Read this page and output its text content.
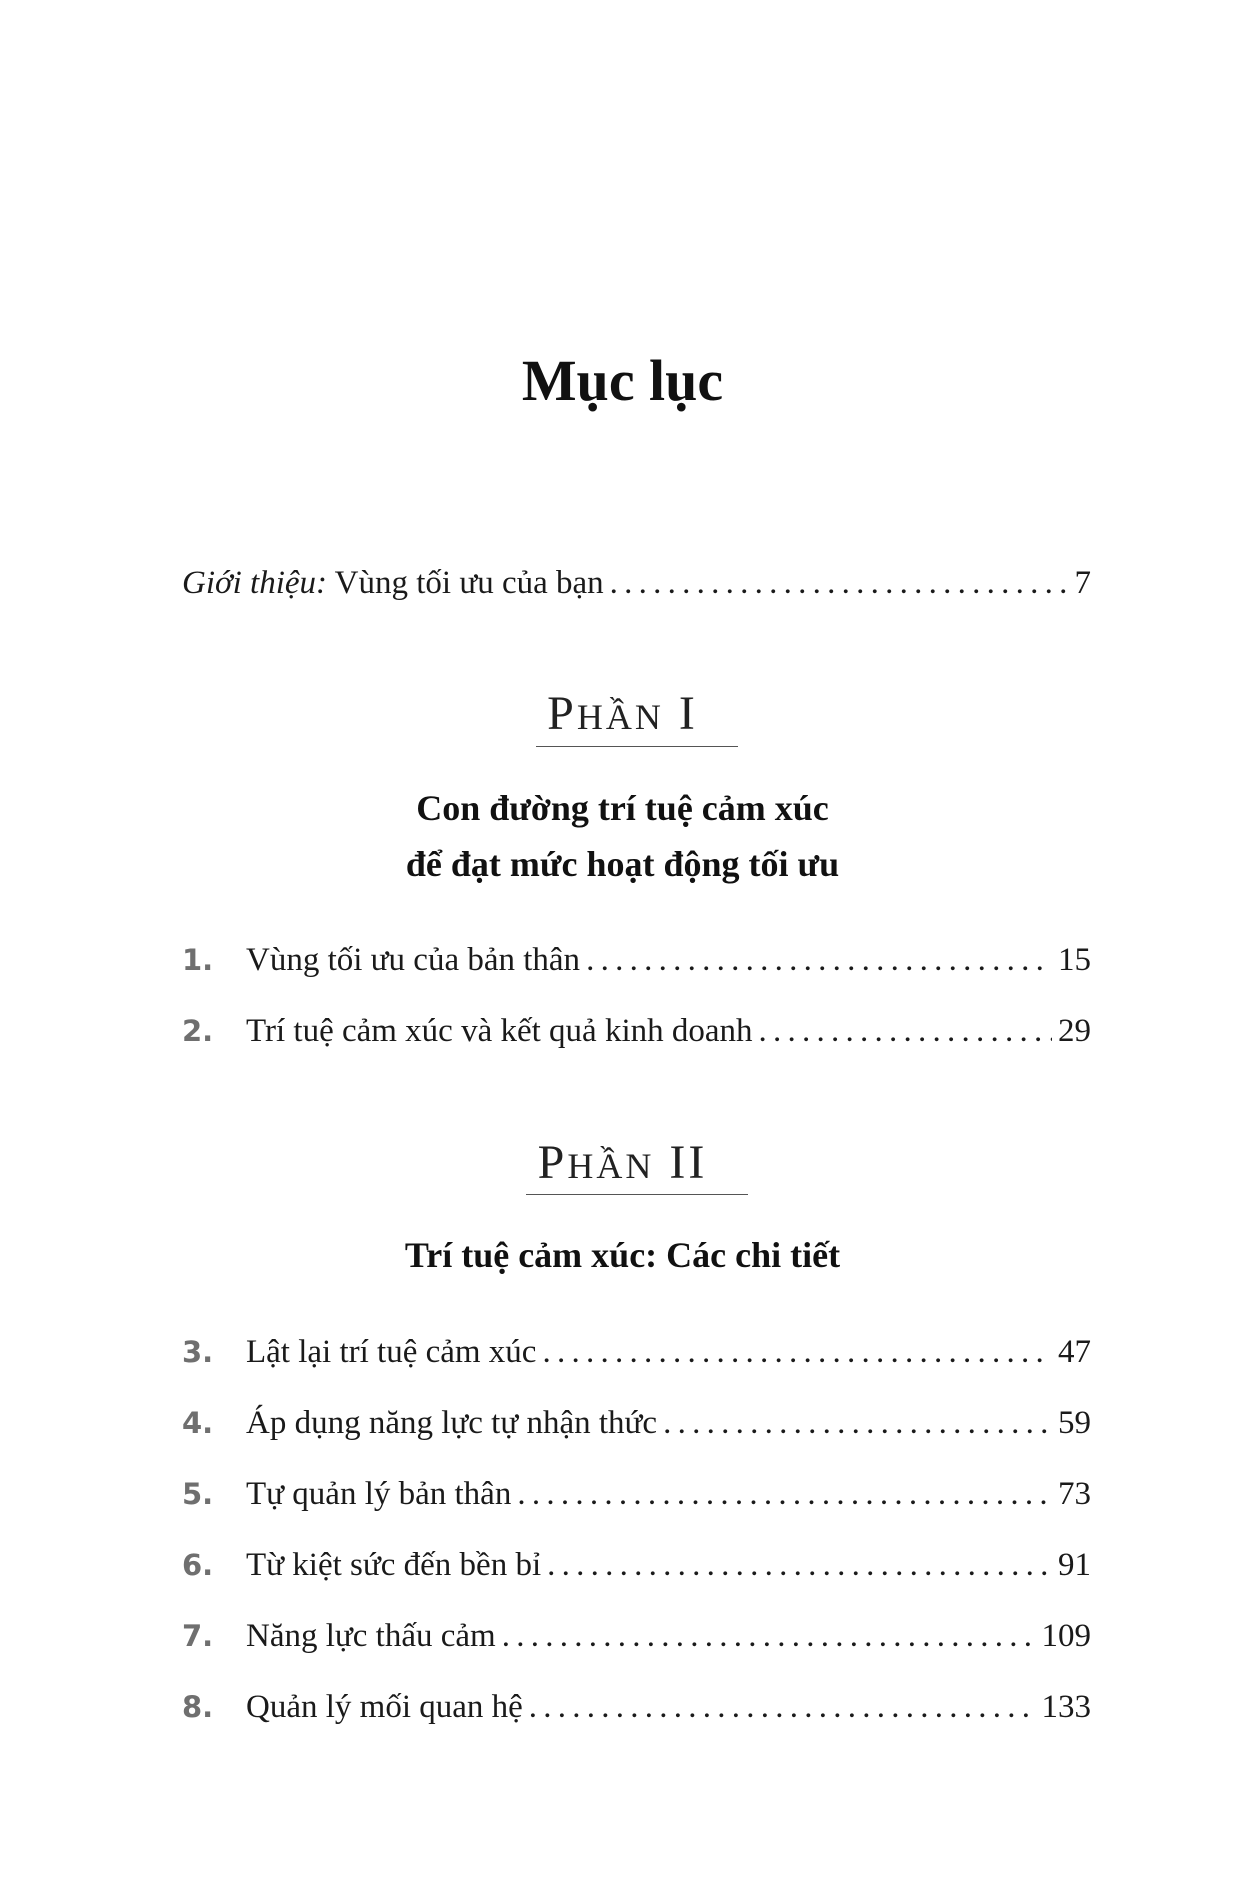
Mục lục
Giới thiệu: Vùng tối ưu của bạn . . .	7
PHẦN I
Con đường trí tuệ cảm xúc
để đạt mức hoạt động tối ưu
1. Vùng tối ưu của bản thân . . .	15
2. Trí tuệ cảm xúc và kết quả kinh doanh . . .	29
PHẦN II
Trí tuệ cảm xúc: Các chi tiết
3. Lật lại trí tuệ cảm xúc . . .	47
4. Áp dụng năng lực tự nhận thức . . .	59
5. Tự quản lý bản thân . . .	73
6. Từ kiệt sức đến bền bỉ . . .	91
7. Năng lực thấu cảm . . .	109
8. Quản lý mối quan hệ . . .	133
